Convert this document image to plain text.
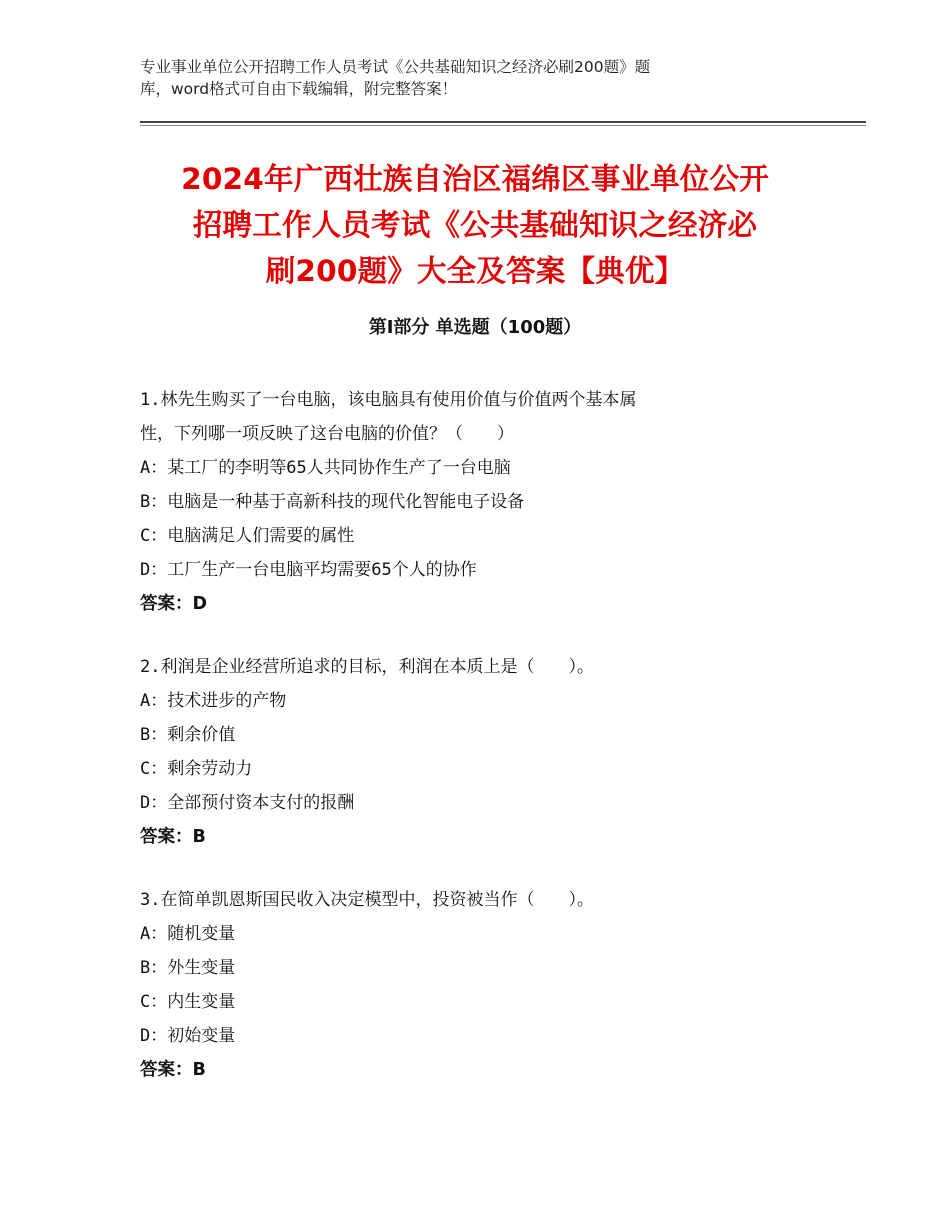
专业事业单位公开招聘工作人员考试《公共基础知识之经济必刷200题》题
库，word格式可自由下载编辑，附完整答案！
2024年广西壮族自治区福绵区事业单位公开
招聘工作人员考试《公共基础知识之经济必
刷200题》大全及答案【典优】
第Ⅰ部分 单选题（100题）
1.林先生购买了一台电脑，该电脑具有使用价值与价值两个基本属
性，下列哪一项反映了这台电脑的价值？（　　）
A：某工厂的李明等65人共同协作生产了一台电脑
B：电脑是一种基于高新科技的现代化智能电子设备
C：电脑满足人们需要的属性
D：工厂生产一台电脑平均需要65个人的协作
答案：D
2.利润是企业经营所追求的目标，利润在本质上是（　　）。
A：技术进步的产物
B：剩余价值
C：剩余劳动力
D：全部预付资本支付的报酬
答案：B
3.在简单凯恩斯国民收入决定模型中，投资被当作（　　）。
A：随机变量
B：外生变量
C：内生变量
D：初始变量
答案：B
